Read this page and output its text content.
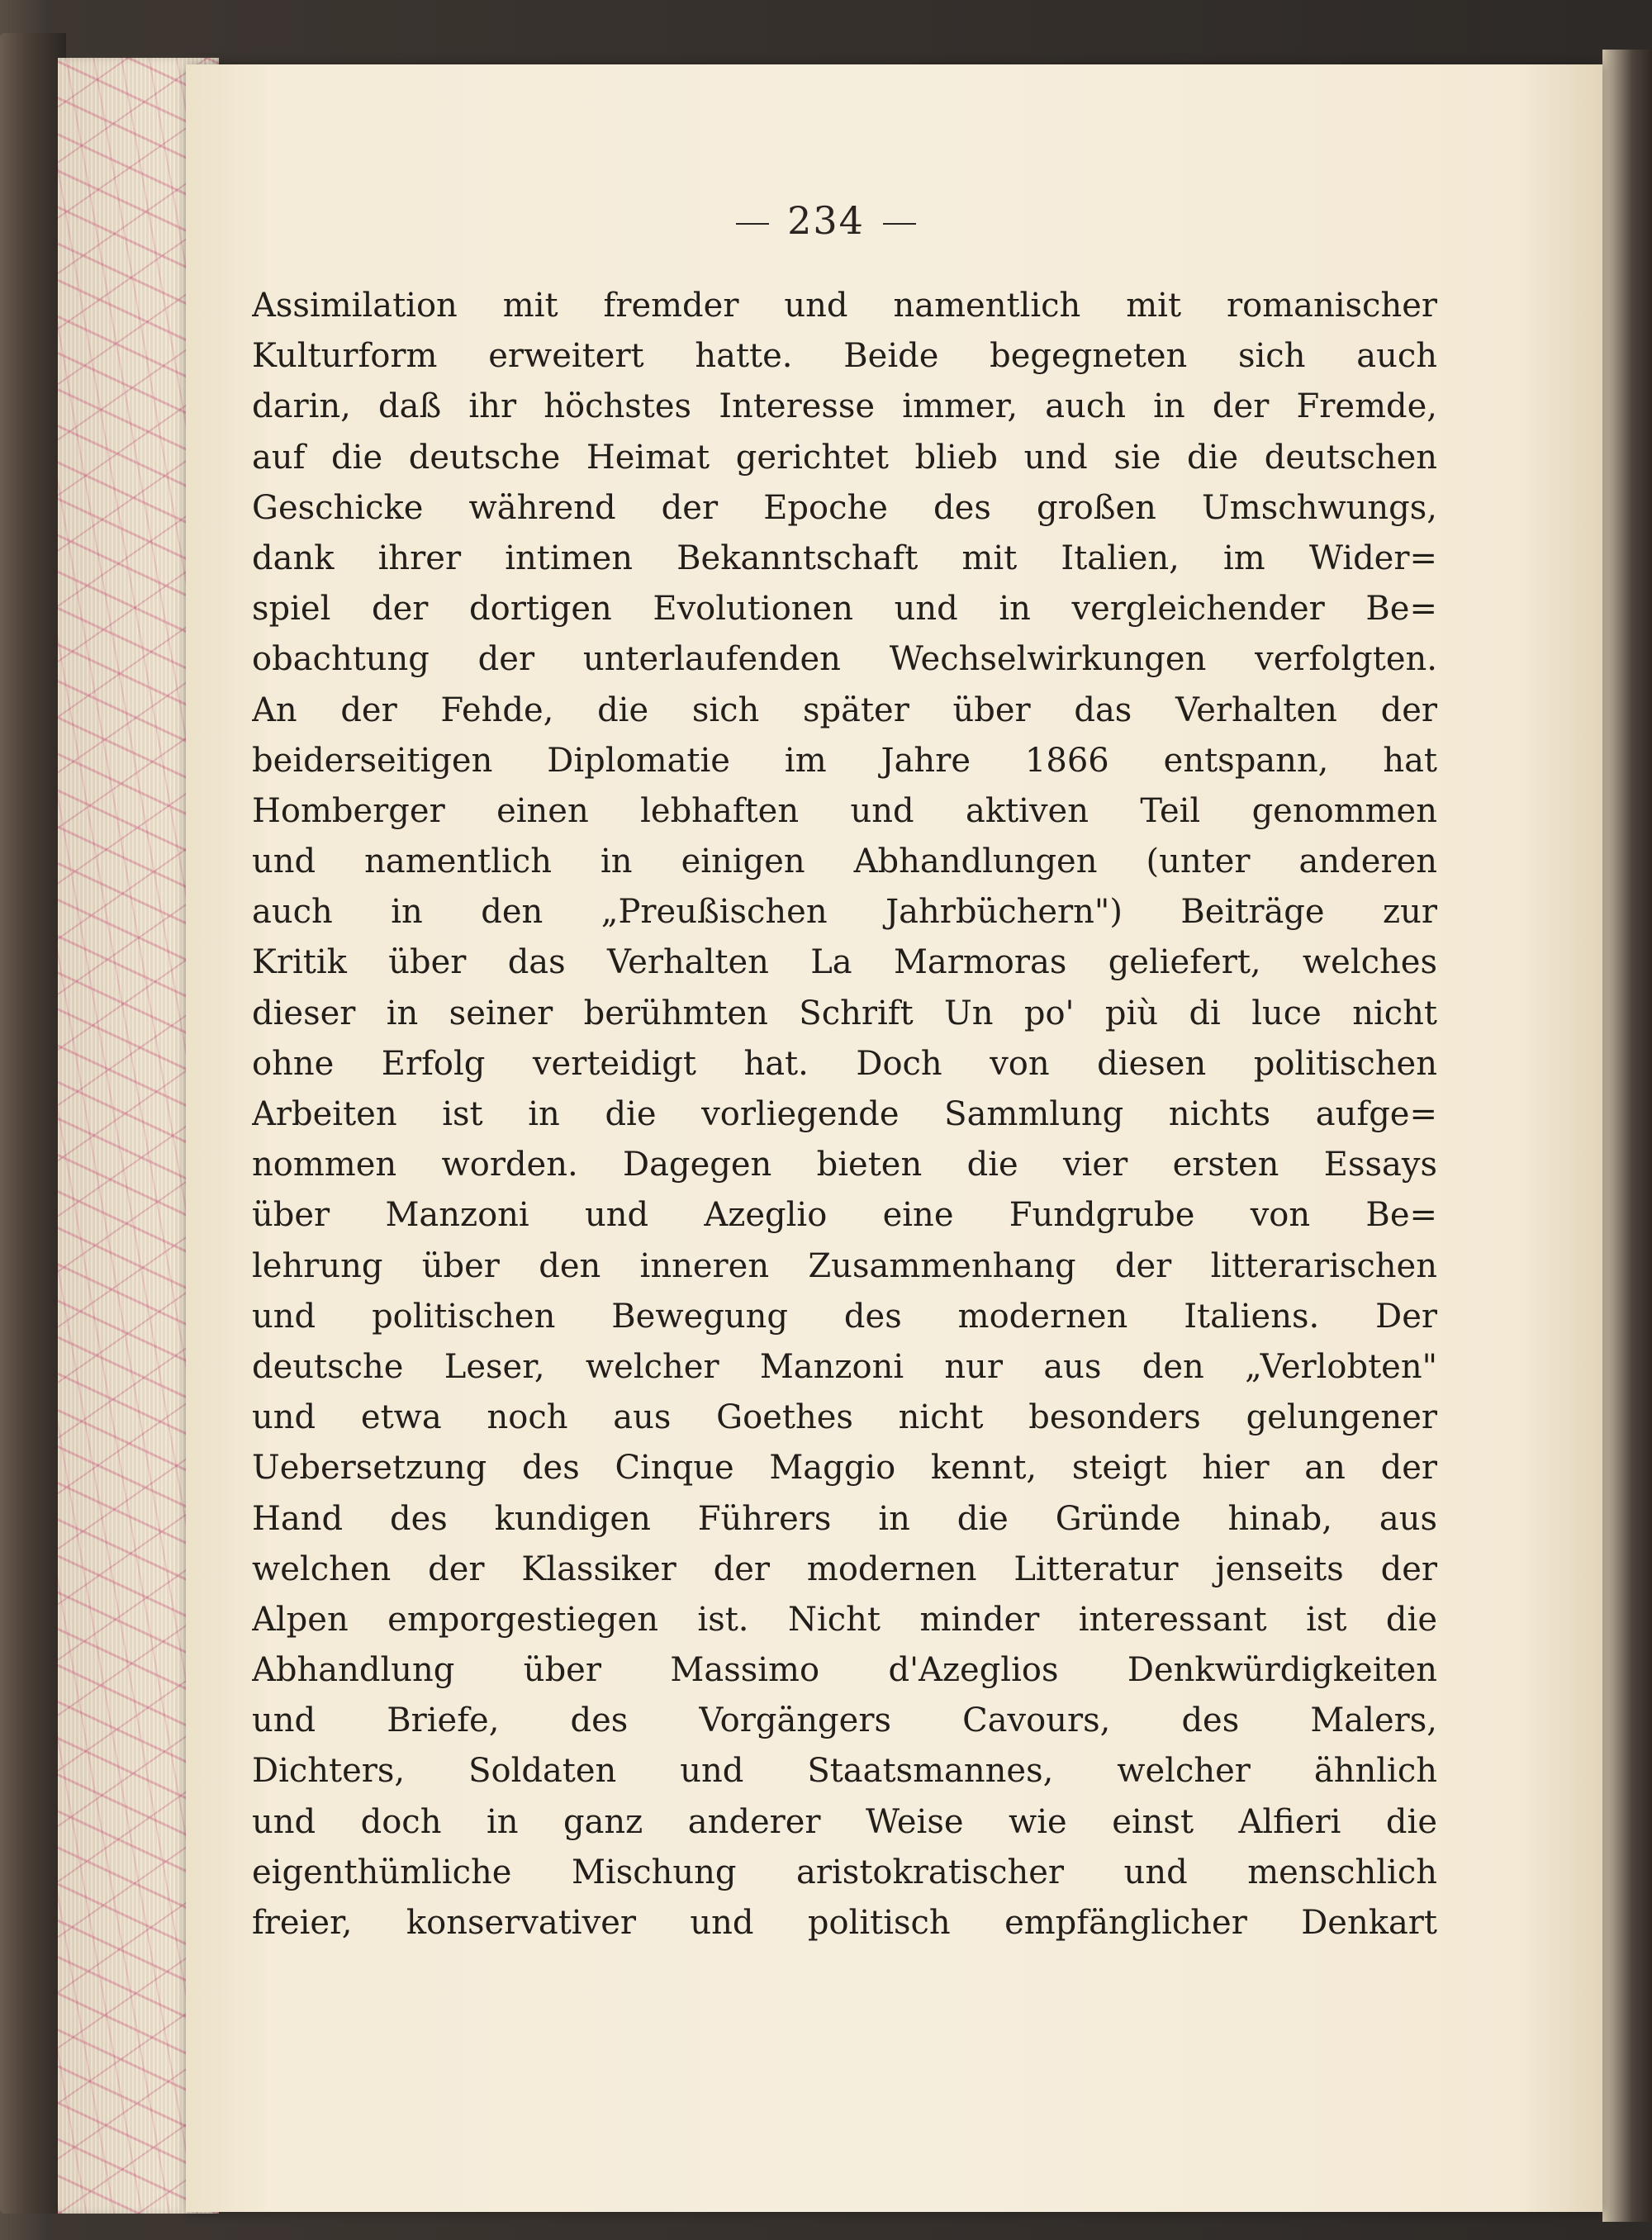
234
Assimilation mit fremder und namentlich mit romanischer
Kulturform erweitert hatte. Beide begegneten sich auch
darin, daß ihr höchstes Interesse immer, auch in der Fremde,
auf die deutsche Heimat gerichtet blieb und sie die deutschen
Geschicke während der Epoche des großen Umschwungs,
dank ihrer intimen Bekanntschaft mit Italien, im Wider=
spiel der dortigen Evolutionen und in vergleichender Be=
obachtung der unterlaufenden Wechselwirkungen verfolgten.
An der Fehde, die sich später über das Verhalten der
beiderseitigen Diplomatie im Jahre 1866 entspann, hat
Homberger einen lebhaften und aktiven Teil genommen
und namentlich in einigen Abhandlungen (unter anderen
auch in den „Preußischen Jahrbüchern") Beiträge zur
Kritik über das Verhalten La Marmoras geliefert, welches
dieser in seiner berühmten Schrift Un po' più di luce nicht
ohne Erfolg verteidigt hat. Doch von diesen politischen
Arbeiten ist in die vorliegende Sammlung nichts aufge=
nommen worden. Dagegen bieten die vier ersten Essays
über Manzoni und Azeglio eine Fundgrube von Be=
lehrung über den inneren Zusammenhang der litterarischen
und politischen Bewegung des modernen Italiens. Der
deutsche Leser, welcher Manzoni nur aus den „Verlobten"
und etwa noch aus Goethes nicht besonders gelungener
Uebersetzung des Cinque Maggio kennt, steigt hier an der
Hand des kundigen Führers in die Gründe hinab, aus
welchen der Klassiker der modernen Litteratur jenseits der
Alpen emporgestiegen ist. Nicht minder interessant ist die
Abhandlung über Massimo d'Azeglios Denkwürdigkeiten
und Briefe, des Vorgängers Cavours, des Malers,
Dichters, Soldaten und Staatsmannes, welcher ähnlich
und doch in ganz anderer Weise wie einst Alfieri die
eigenthümliche Mischung aristokratischer und menschlich
freier, konservativer und politisch empfänglicher Denkart
